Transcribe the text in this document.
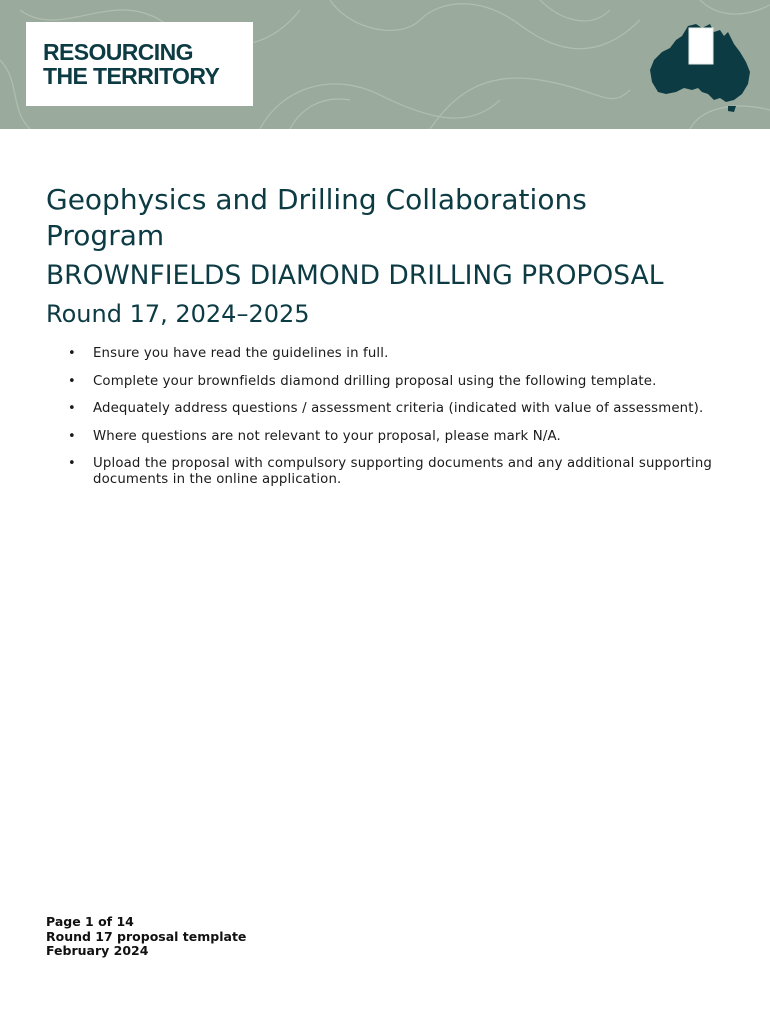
RESOURCING
THE TERRITORY
Geophysics and Drilling Collaborations Program
BROWNFIELDS DIAMOND DRILLING PROPOSAL
Round 17, 2024–2025
• Ensure you have read the guidelines in full.
• Complete your brownfields diamond drilling proposal using the following template.
• Adequately address questions / assessment criteria (indicated with value of assessment).
• Where questions are not relevant to your proposal, please mark N/A.
• Upload the proposal with compulsory supporting documents and any additional supporting documents in the online application.
Page 1 of 14
Round 17 proposal template
February 2024
